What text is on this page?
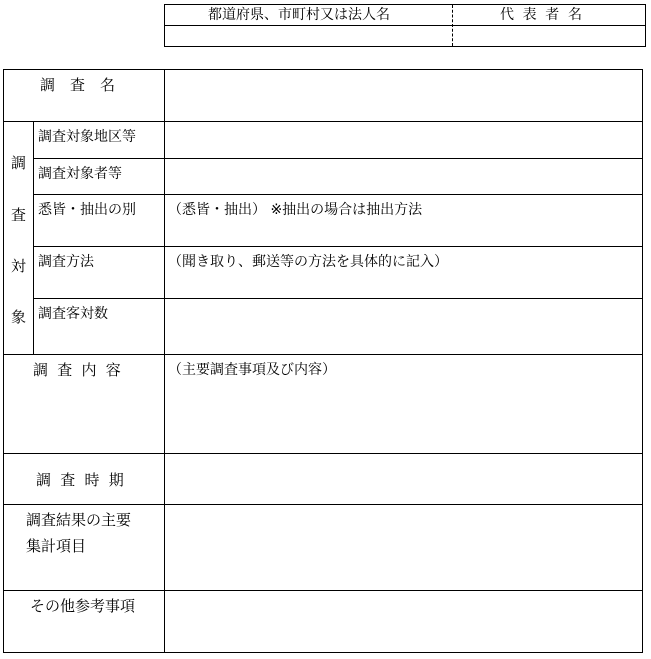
都道府県、市町村又は法人名	代 表 者 名
調　査　名
調
査
対
象
調査対象地区等
調査対象者等
悉皆・抽出の別 （悉皆・抽出） ※抽出の場合は抽出方法
調査方法	（聞き取り、郵送等の方法を具体的に記入）
調査客対数
調 査 内 容	（主要調査事項及び内容）
調 査 時 期
調査結果の主要
集計項目
その他参考事項
